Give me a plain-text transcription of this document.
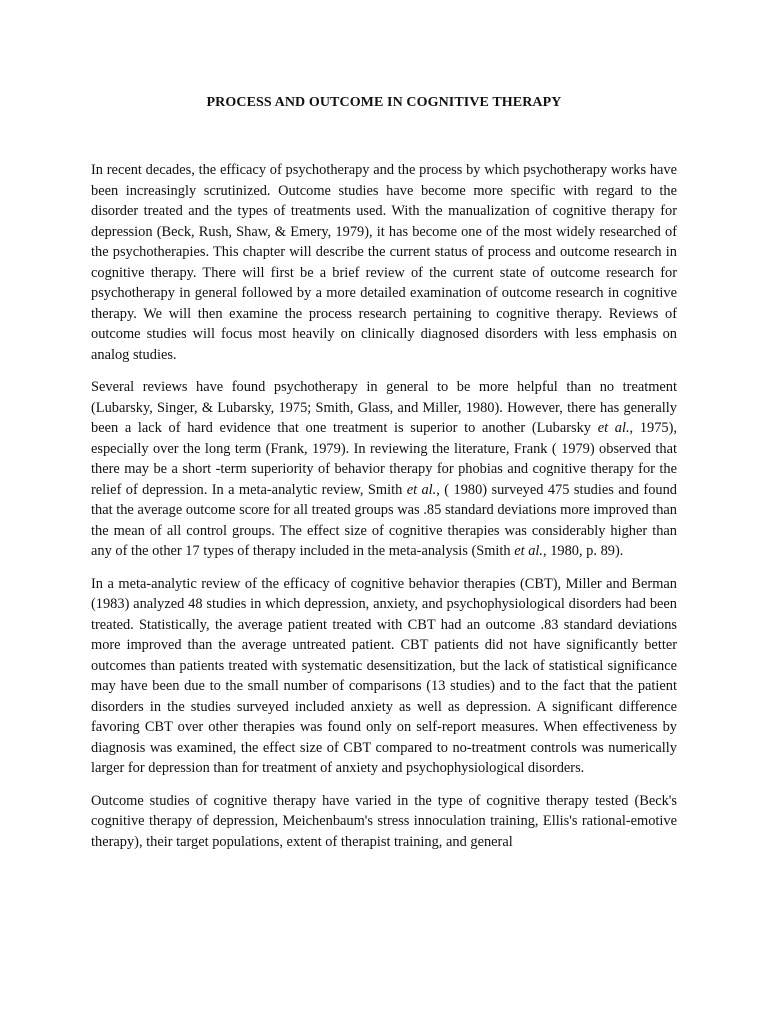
PROCESS AND OUTCOME IN COGNITIVE THERAPY

In recent decades, the efficacy of psychotherapy and the process by which psychotherapy works have been increasingly scrutinized. Outcome studies have become more specific with regard to the disorder treated and the types of treatments used. With the manualization of cognitive therapy for depression (Beck, Rush, Shaw, & Emery, 1979), it has become one of the most widely researched of the psychotherapies. This chapter will describe the current status of process and outcome research in cognitive therapy. There will first be a brief review of the current state of outcome research for psychotherapy in general followed by a more detailed examination of outcome research in cognitive therapy. We will then examine the process research pertaining to cognitive therapy. Reviews of outcome studies will focus most heavily on clinically diagnosed disorders with less emphasis on analog studies.

Several reviews have found psychotherapy in general to be more helpful than no treatment (Lubarsky, Singer, & Lubarsky, 1975; Smith, Glass, and Miller, 1980). However, there has generally been a lack of hard evidence that one treatment is superior to another (Lubarsky et al., 1975), especially over the long term (Frank, 1979). In reviewing the literature, Frank ( 1979) observed that there may be a short -term superiority of behavior therapy for phobias and cognitive therapy for the relief of depression. In a meta-analytic review, Smith et al., ( 1980) surveyed 475 studies and found that the average outcome score for all treated groups was .85 standard deviations more improved than the mean of all control groups. The effect size of cognitive therapies was considerably higher than any of the other 17 types of therapy included in the meta-analysis (Smith et al., 1980, p. 89).

In a meta-analytic review of the efficacy of cognitive behavior therapies (CBT), Miller and Berman (1983) analyzed 48 studies in which depression, anxiety, and psychophysiological disorders had been treated. Statistically, the average patient treated with CBT had an outcome .83 standard deviations more improved than the average untreated patient. CBT patients did not have significantly better outcomes than patients treated with systematic desensitization, but the lack of statistical significance may have been due to the small number of comparisons (13 studies) and to the fact that the patient disorders in the studies surveyed included anxiety as well as depression. A significant difference favoring CBT over other therapies was found only on self-report measures. When effectiveness by diagnosis was examined, the effect size of CBT compared to no-treatment controls was numerically larger for depression than for treatment of anxiety and psychophysiological disorders.

Outcome studies of cognitive therapy have varied in the type of cognitive therapy tested (Beck's cognitive therapy of depression, Meichenbaum's stress innoculation training, Ellis's rational-emotive therapy), their target populations, extent of therapist training, and general
